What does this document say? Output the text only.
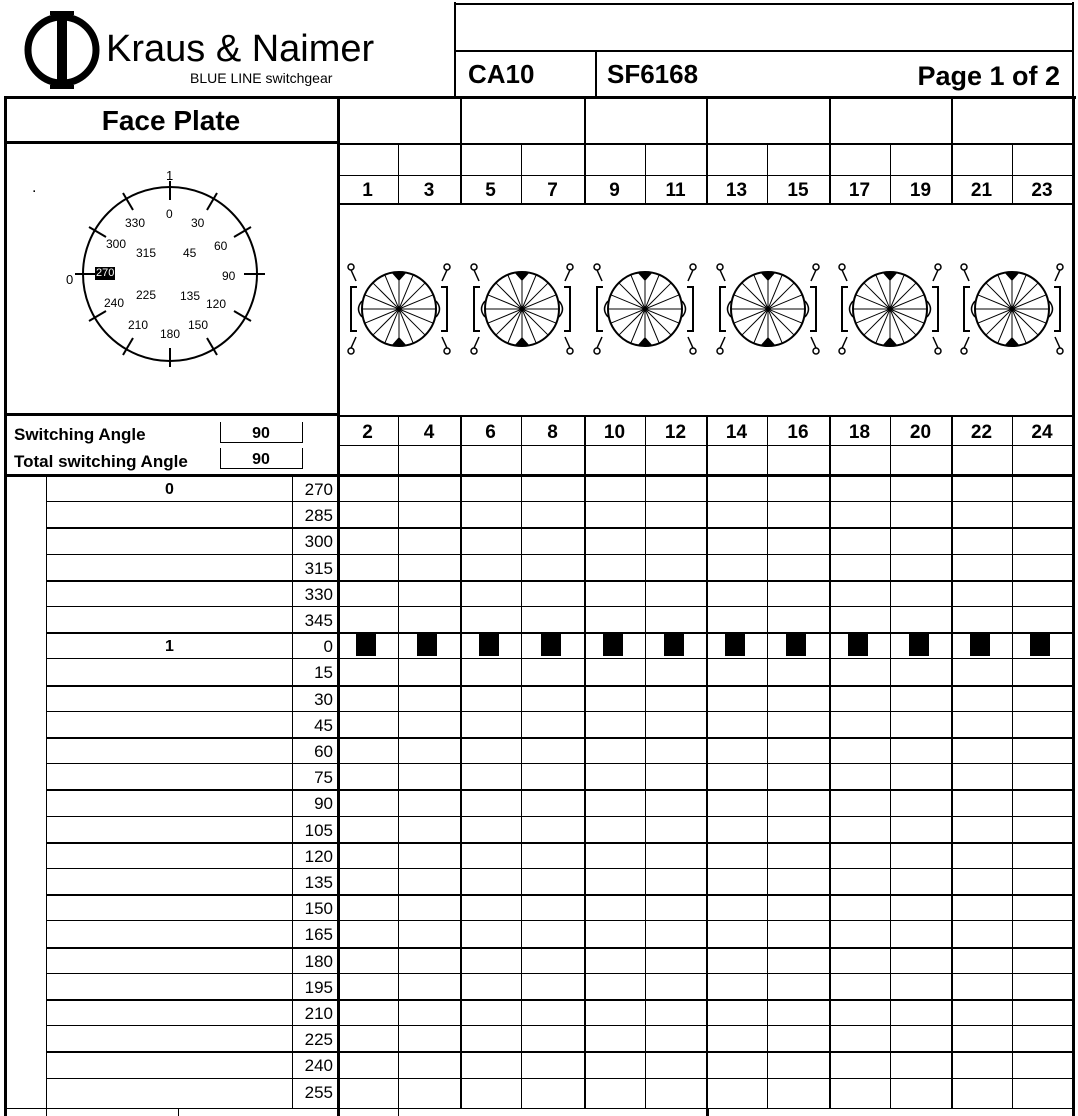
Kraus & Naimer
BLUE LINE switchgear	CA10	SF6168	Page 1 of 2
Face Plate
.
1
0
0
30
60
90
120
150
180
210
240
270
300
330
315 45
135
225
Switching Angle	90
Total switching Angle	90
1	3	5	7	9	11	13	15	17	19	21	23
2	4	6	8	10	12	14	16	18	20	22	24
0	270
285
300
315
330
345
1	0
15
30
45
60
75
90
105
120
135
150
165
180
195
210
225
240
255
